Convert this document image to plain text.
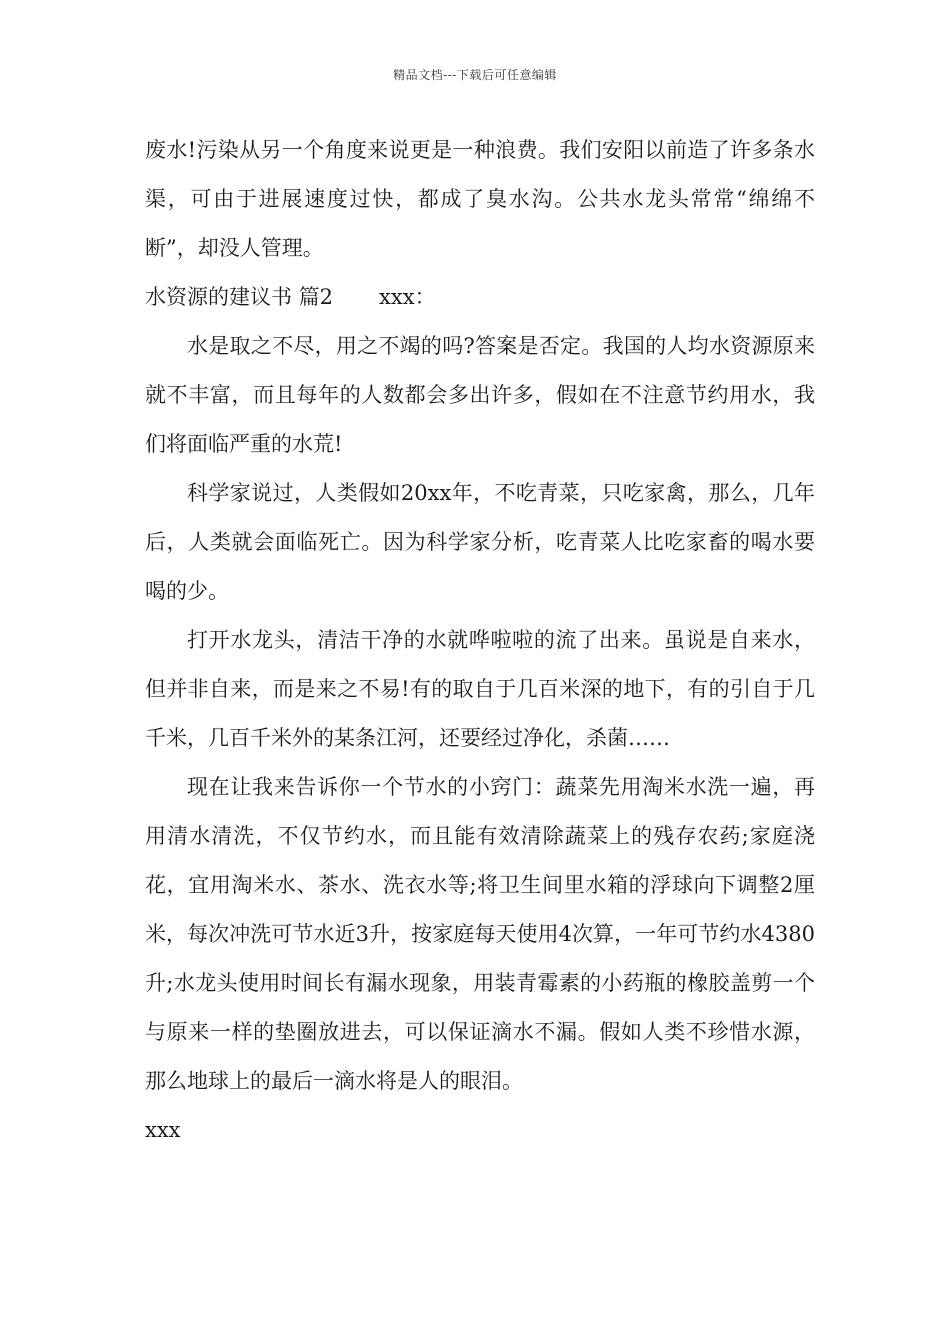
精品文档---下载后可任意编辑

废水!污染从另一个角度来说更是一种浪费。我们安阳以前造了许多条水渠，可由于进展速度过快，都成了臭水沟。公共水龙头常常“绵绵不断”，却没人管理。

水资源的建议书 篇2 xxx：

水是取之不尽，用之不竭的吗?答案是否定。我国的人均水资源原来就不丰富，而且每年的人数都会多出许多，假如在不注意节约用水，我们将面临严重的水荒!

科学家说过，人类假如20xx年，不吃青菜，只吃家禽，那么，几年后，人类就会面临死亡。因为科学家分析，吃青菜人比吃家畜的喝水要喝的少。

打开水龙头，清洁干净的水就哗啦啦的流了出来。虽说是自来水，但并非自来，而是来之不易!有的取自于几百米深的地下，有的引自于几千米，几百千米外的某条江河，还要经过净化，杀菌……

现在让我来告诉你一个节水的小窍门：蔬菜先用淘米水洗一遍，再用清水清洗，不仅节约水，而且能有效清除蔬菜上的残存农药;家庭浇花，宜用淘米水、茶水、洗衣水等;将卫生间里水箱的浮球向下调整2厘米，每次冲洗可节水近3升，按家庭每天使用4次算，一年可节约水4380升;水龙头使用时间长有漏水现象，用装青霉素的小药瓶的橡胶盖剪一个与原来一样的垫圈放进去，可以保证滴水不漏。假如人类不珍惜水源，那么地球上的最后一滴水将是人的眼泪。

xxx
